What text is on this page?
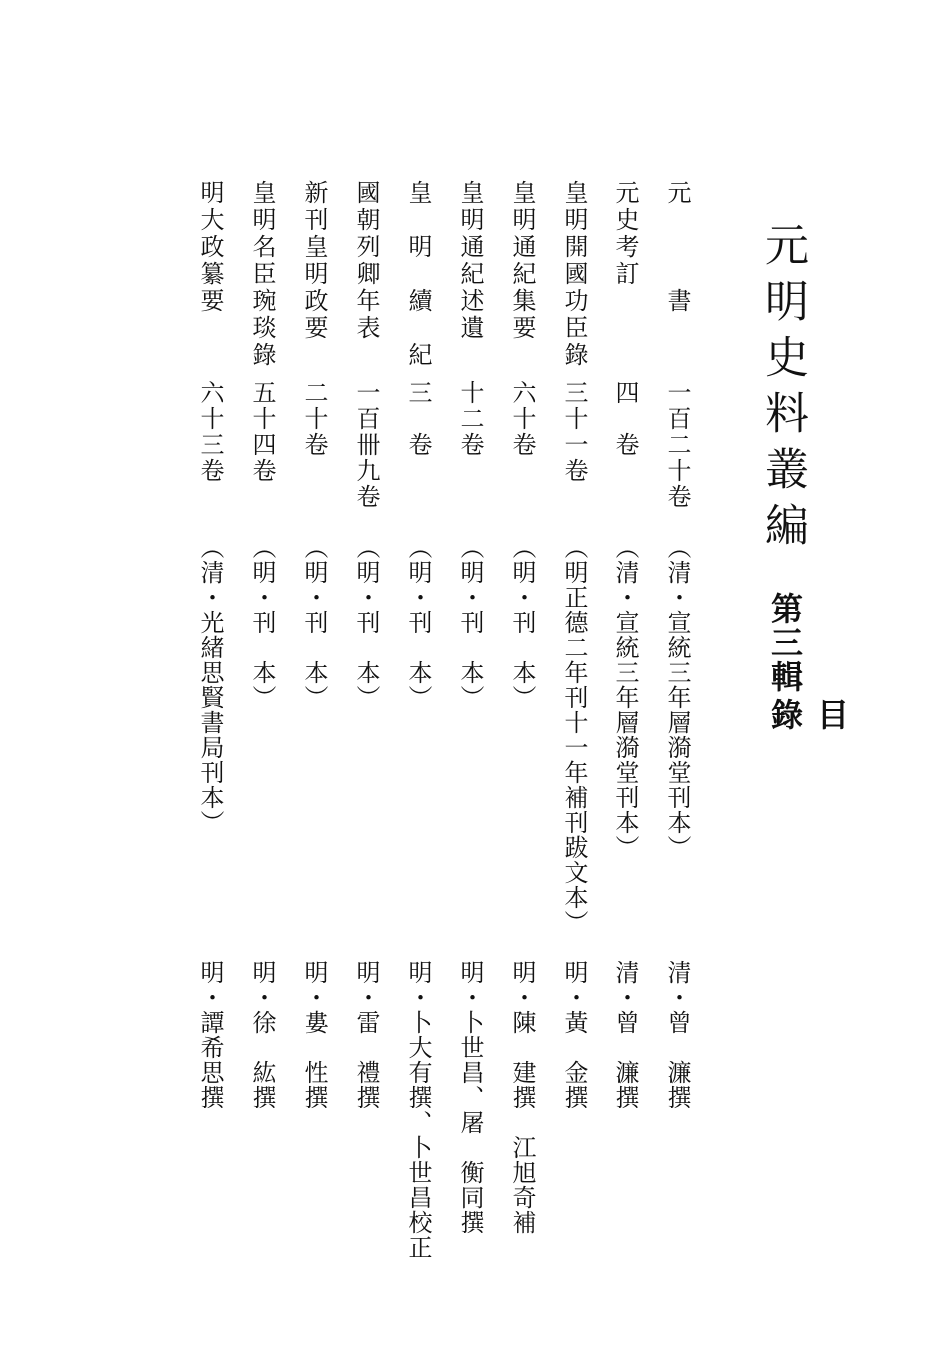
元明史料叢編
第三輯
目
錄
元　　　書
一百二十卷
（清・宣統三年層漪堂刊本）
清・曾　濂撰
元史考訂
四　卷
（清・宣統三年層漪堂刊本）
清・曾　濂撰
皇明開國功臣錄
三十一卷
（明正德二年刊十一年補刊跋文本）
明・黃　金撰
皇明通紀集要
六十卷
（明・刊　本）
明・陳　建撰　江旭奇補
皇明通紀述遺
十二卷
（明・刊　本）
明・卜世昌、屠　衡同撰
皇　明　續　紀
三　卷
（明・刊　本）
明・卜大有撰、卜世昌校正
國朝列卿年表
一百卌九卷
（明・刊　本）
明・雷　禮撰
新刊皇明政要
二十卷
（明・刊　本）
明・婁　性撰
皇明名臣琬琰錄
五十四卷
（明・刊　本）
明・徐　紘撰
明大政纂要
六十三卷
（清・光緒思賢書局刊本）
明・譚希思撰
